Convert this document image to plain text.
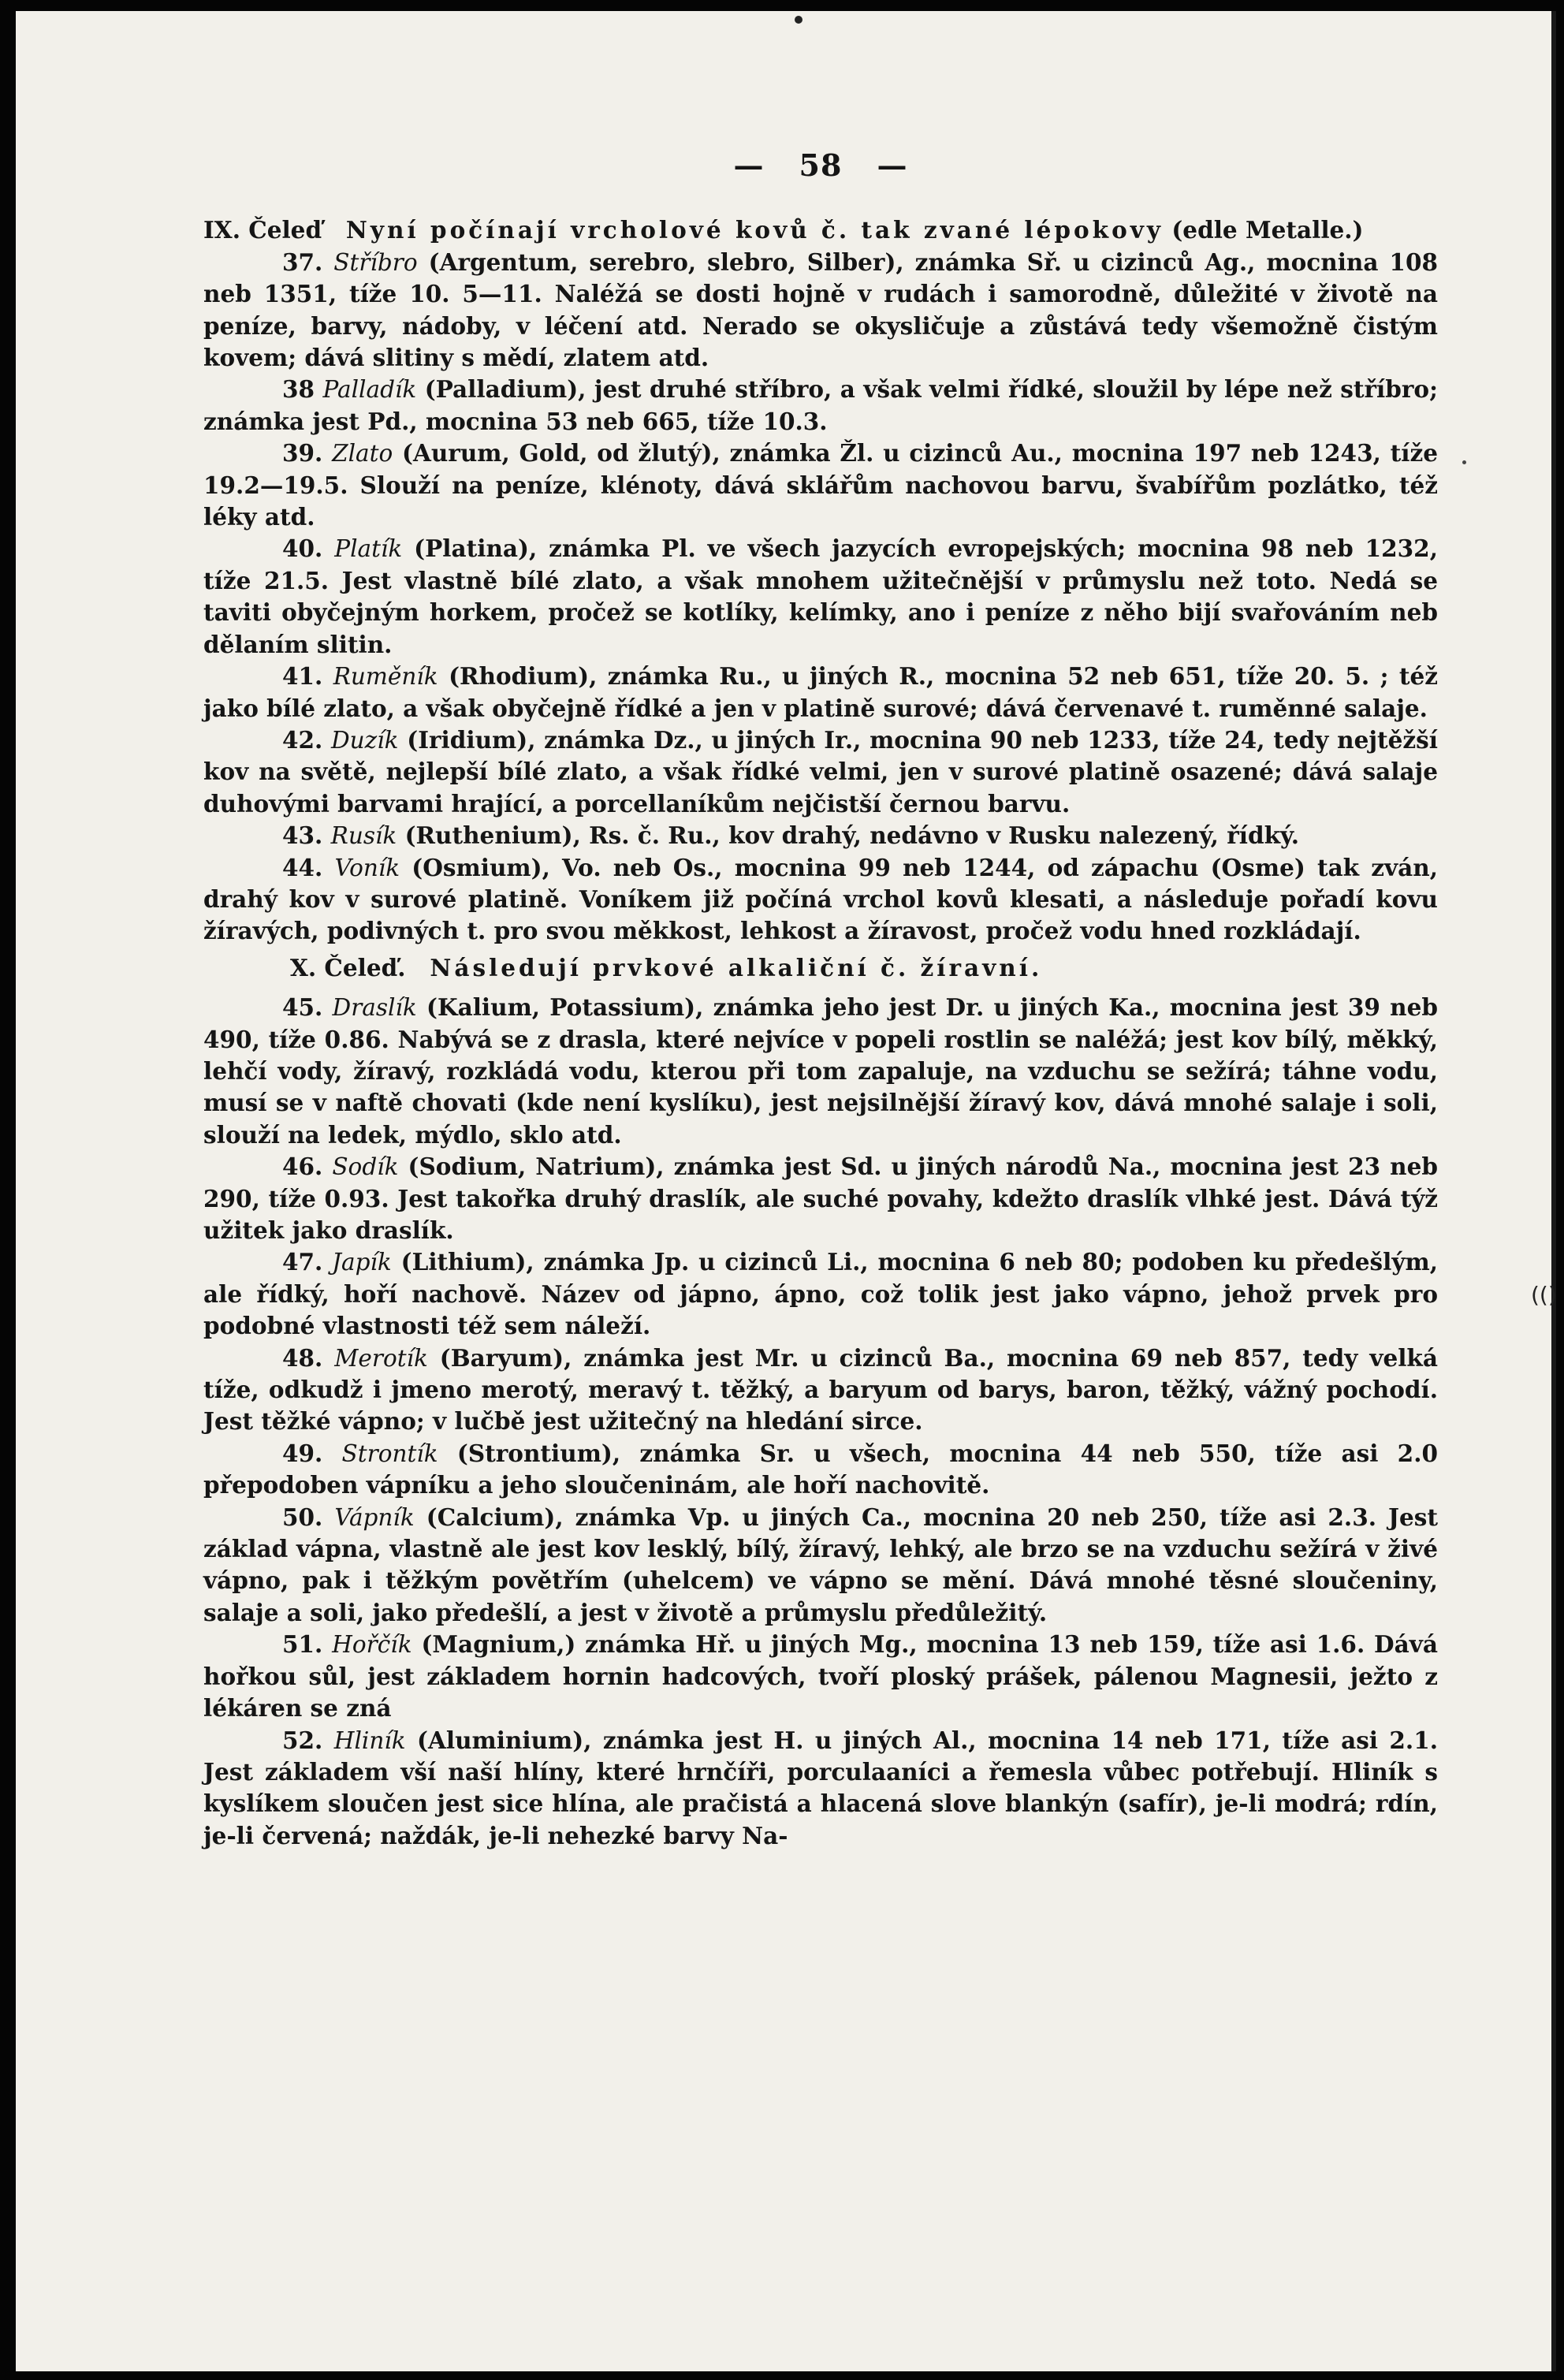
(()
— 58 —

IX. Čeleď Nyní počínají vrcholové kovů č. tak zvané lépokovy (edle Metalle.)

37. Stříbro (Argentum, serebro, slebro, Silber), známka Sř. u cizinců Ag., mocnina 108 neb 1351, tíže 10. 5—11. Naléžá se dosti hojně v rudách i samorodně, důležité v životě na peníze, barvy, nádoby, v léčení atd. Nerado se okysličuje a zůstává tedy všemožně čistým kovem; dává slitiny s mědí, zlatem atd.

38 Palladík (Palladium), jest druhé stříbro, a však velmi řídké, sloužil by lépe než stříbro; známka jest Pd., mocnina 53 neb 665, tíže 10.3.

39. Zlato (Aurum, Gold, od žlutý), známka Žl. u cizinců Au., mocnina 197 neb 1243, tíže 19.2—19.5. Slouží na peníze, klénoty, dává sklářům nachovou barvu, švabířům pozlátko, též léky atd.

40. Platík (Platina), známka Pl. ve všech jazycích evropejských; mocnina 98 neb 1232, tíže 21.5. Jest vlastně bílé zlato, a však mnohem užitečnější v průmyslu než toto. Nedá se taviti obyčejným horkem, pročež se kotlíky, kelímky, ano i peníze z něho bijí svařováním neb dělaním slitin.

41. Ruměník (Rhodium), známka Ru., u jiných R., mocnina 52 neb 651, tíže 20. 5. ; též jako bílé zlato, a však obyčejně řídké a jen v platině surové; dává červenavé t. ruměnné salaje.

42. Duzík (Iridium), známka Dz., u jiných Ir., mocnina 90 neb 1233, tíže 24, tedy nejtěžší kov na světě, nejlepší bílé zlato, a však řídké velmi, jen v surové platině osazené; dává salaje duhovými barvami hrající, a porcellaníkům nejčistší černou barvu.

43. Rusík (Ruthenium), Rs. č. Ru., kov drahý, nedávno v Rusku nalezený, řídký.

44. Voník (Osmium), Vo. neb Os., mocnina 99 neb 1244, od zápachu (Osme) tak zván, drahý kov v surové platině. Voníkem již počíná vrchol kovů klesati, a následuje pořadí kovu žíravých, podivných t. pro svou měkkost, lehkost a žíravost, pročež vodu hned rozkládají.

X. Čeleď. Následují prvkové alkaliční č. žíravní.

45. Draslík (Kalium, Potassium), známka jeho jest Dr. u jiných Ka., mocnina jest 39 neb 490, tíže 0.86. Nabývá se z drasla, které nejvíce v popeli rostlin se naléžá; jest kov bílý, měkký, lehčí vody, žíravý, rozkládá vodu, kterou při tom zapaluje, na vzduchu se sežírá; táhne vodu, musí se v naftě chovati (kde není kyslíku), jest nejsilnější žíravý kov, dává mnohé salaje i soli, slouží na ledek, mýdlo, sklo atd.

46. Sodík (Sodium, Natrium), známka jest Sd. u jiných národů Na., mocnina jest 23 neb 290, tíže 0.93. Jest takořka druhý draslík, ale suché povahy, kdežto draslík vlhké jest. Dává týž užitek jako draslík.

47. Japík (Lithium), známka Jp. u cizinců Li., mocnina 6 neb 80; podoben ku předešlým, ale řídký, hoří nachově. Název od jápno, ápno, což tolik jest jako vápno, jehož prvek pro podobné vlastnosti též sem náleží.

48. Merotík (Baryum), známka jest Mr. u cizinců Ba., mocnina 69 neb 857, tedy velká tíže, odkudž i jmeno merotý, meravý t. těžký, a baryum od barys, baron, těžký, vážný pochodí. Jest těžké vápno; v lučbě jest užitečný na hledání sirce.

49. Strontík (Strontium), známka Sr. u všech, mocnina 44 neb 550, tíže asi 2.0 přepodoben vápníku a jeho sloučeninám, ale hoří nachovitě.

50. Vápník (Calcium), známka Vp. u jiných Ca., mocnina 20 neb 250, tíže asi 2.3. Jest základ vápna, vlastně ale jest kov lesklý, bílý, žíravý, lehký, ale brzo se na vzduchu sežírá v živé vápno, pak i těžkým povětřím (uhelcem) ve vápno se mění. Dává mnohé těsné sloučeniny, salaje a soli, jako předešlí, a jest v životě a průmyslu předůležitý.

51. Hořčík (Magnium,) známka Hř. u jiných Mg., mocnina 13 neb 159, tíže asi 1.6. Dává hořkou sůl, jest základem hornin hadcových, tvoří ploský prášek, pálenou Magnesii, ježto z lékáren se zná

52. Hliník (Aluminium), známka jest H. u jiných Al., mocnina 14 neb 171, tíže asi 2.1. Jest základem vší naší hlíny, které hrnčíři, porculaaníci a řemesla vůbec potřebují. Hliník s kyslíkem sloučen jest sice hlína, ale pračistá a hlacená slove blankýn (safír), je-li modrá; rdín, je-li červená; naždák, je-li nehezké barvy Na-
